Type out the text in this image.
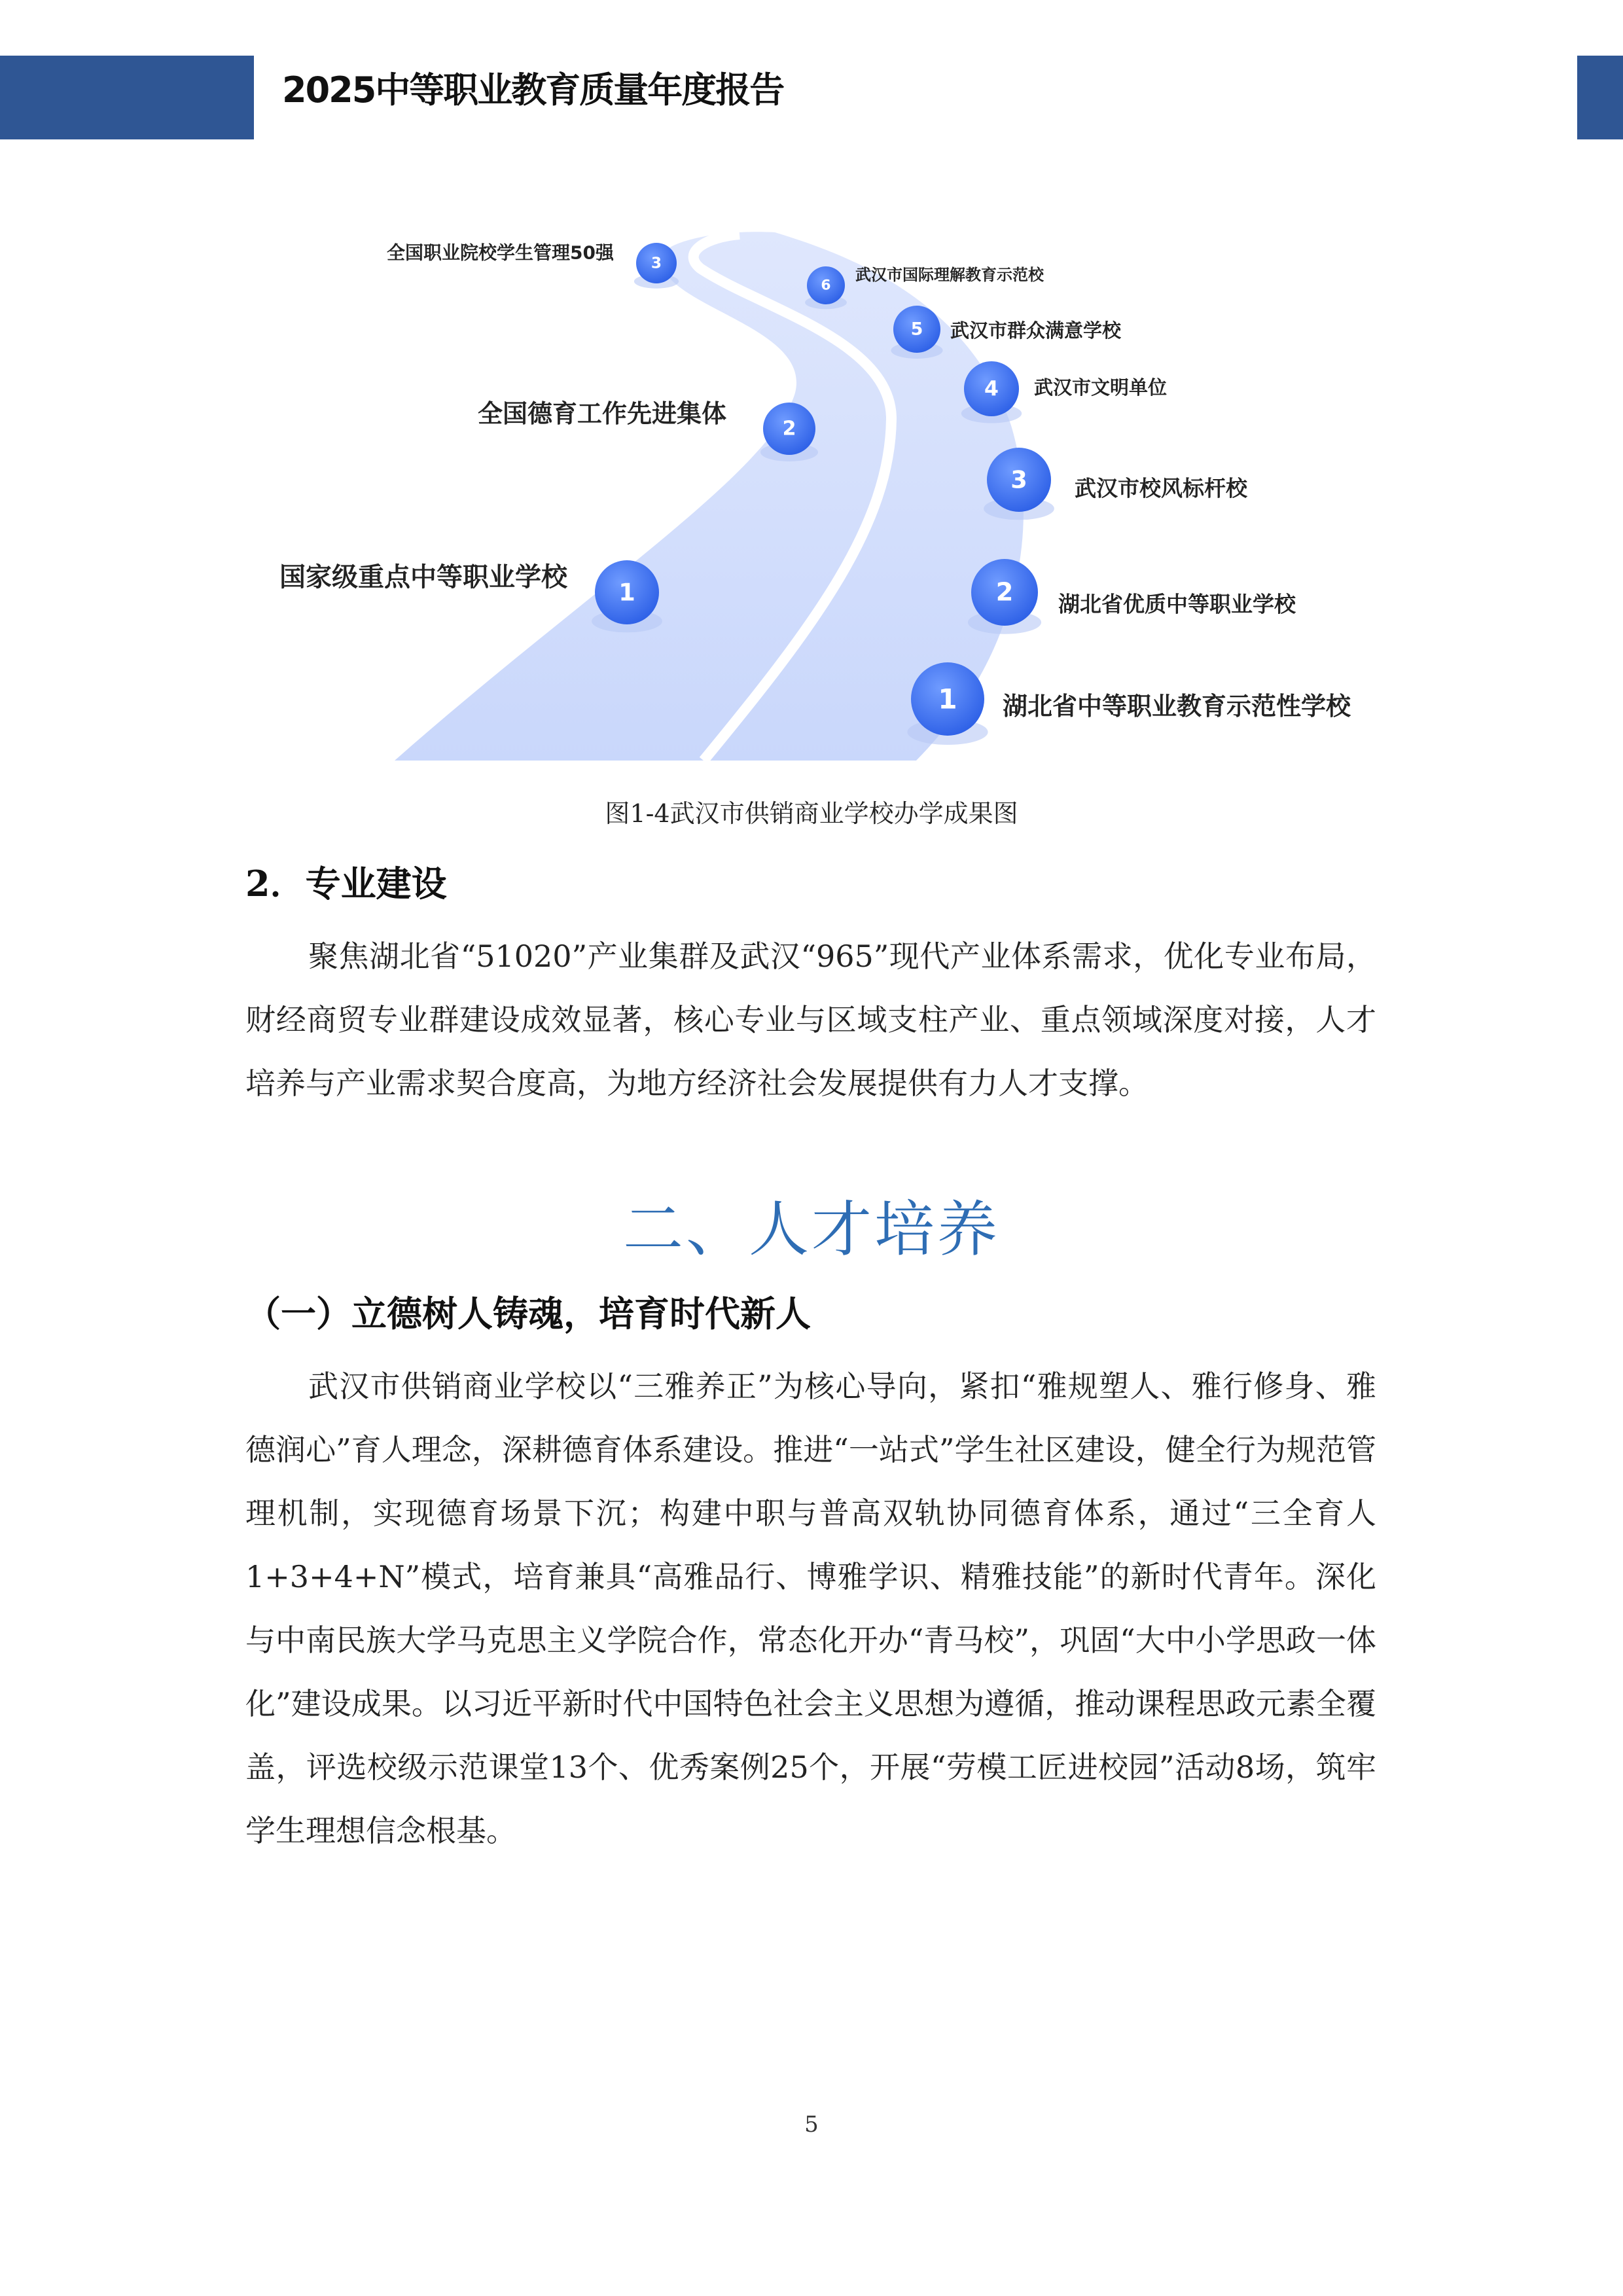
2025中等职业教育质量年度报告
3
全国职业院校学生管理50强
2
全国德育工作先进集体
1
国家级重点中等职业学校
6
武汉市国际理解教育示范校
5 武汉市群众满意学校
4 武汉市文明单位
3 武汉市校风标杆校
2 湖北省优质中等职业学校
1 湖北省中等职业教育示范性学校
图1-4武汉市供销商业学校办学成果图
2．专业建设
聚焦湖北省“51020”产业集群及武汉“965”现代产业体系需求，优化专业布局，财经商贸专业群建设成效显著，核心专业与区域支柱产业、重点领域深度对接，人才培养与产业需求契合度高，为地方经济社会发展提供有力人才支撑。
二、人才培养
（一）立德树人铸魂，培育时代新人
武汉市供销商业学校以“三雅养正”为核心导向，紧扣“雅规塑人、雅行修身、雅德润心”育人理念，深耕德育体系建设。推进“一站式”学生社区建设，健全行为规范管理机制，实现德育场景下沉；构建中职与普高双轨协同德育体系，通过“三全育人1+3+4+N”模式，培育兼具“高雅品行、博雅学识、精雅技能”的新时代青年。深化与中南民族大学马克思主义学院合作，常态化开办“青马校”，巩固“大中小学思政一体化”建设成果。以习近平新时代中国特色社会主义思想为遵循，推动课程思政元素全覆盖，评选校级示范课堂13个、优秀案例25个，开展“劳模工匠进校园”活动8场，筑牢学生理想信念根基。
5
